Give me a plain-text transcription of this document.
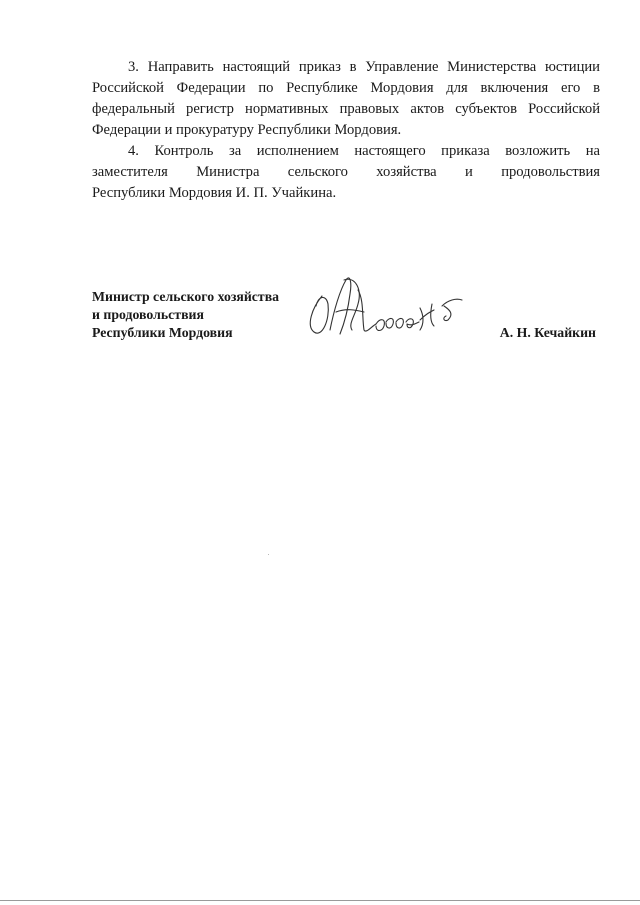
3. Направить настоящий приказ в Управление Министерства юстиции
Российской Федерации по Республике Мордовия для включения его в
федеральный регистр нормативных правовых актов субъектов Российской
Федерации и прокуратуру Республики Мордовия.

4. Контроль за исполнением настоящего приказа возложить на
заместителя Министра сельского хозяйства и продовольствия
Республики Мордовия И. П. Учайкина.

Министр сельского хозяйства
и продовольствия
Республики Мордовия	А. Н. Кечайкин
